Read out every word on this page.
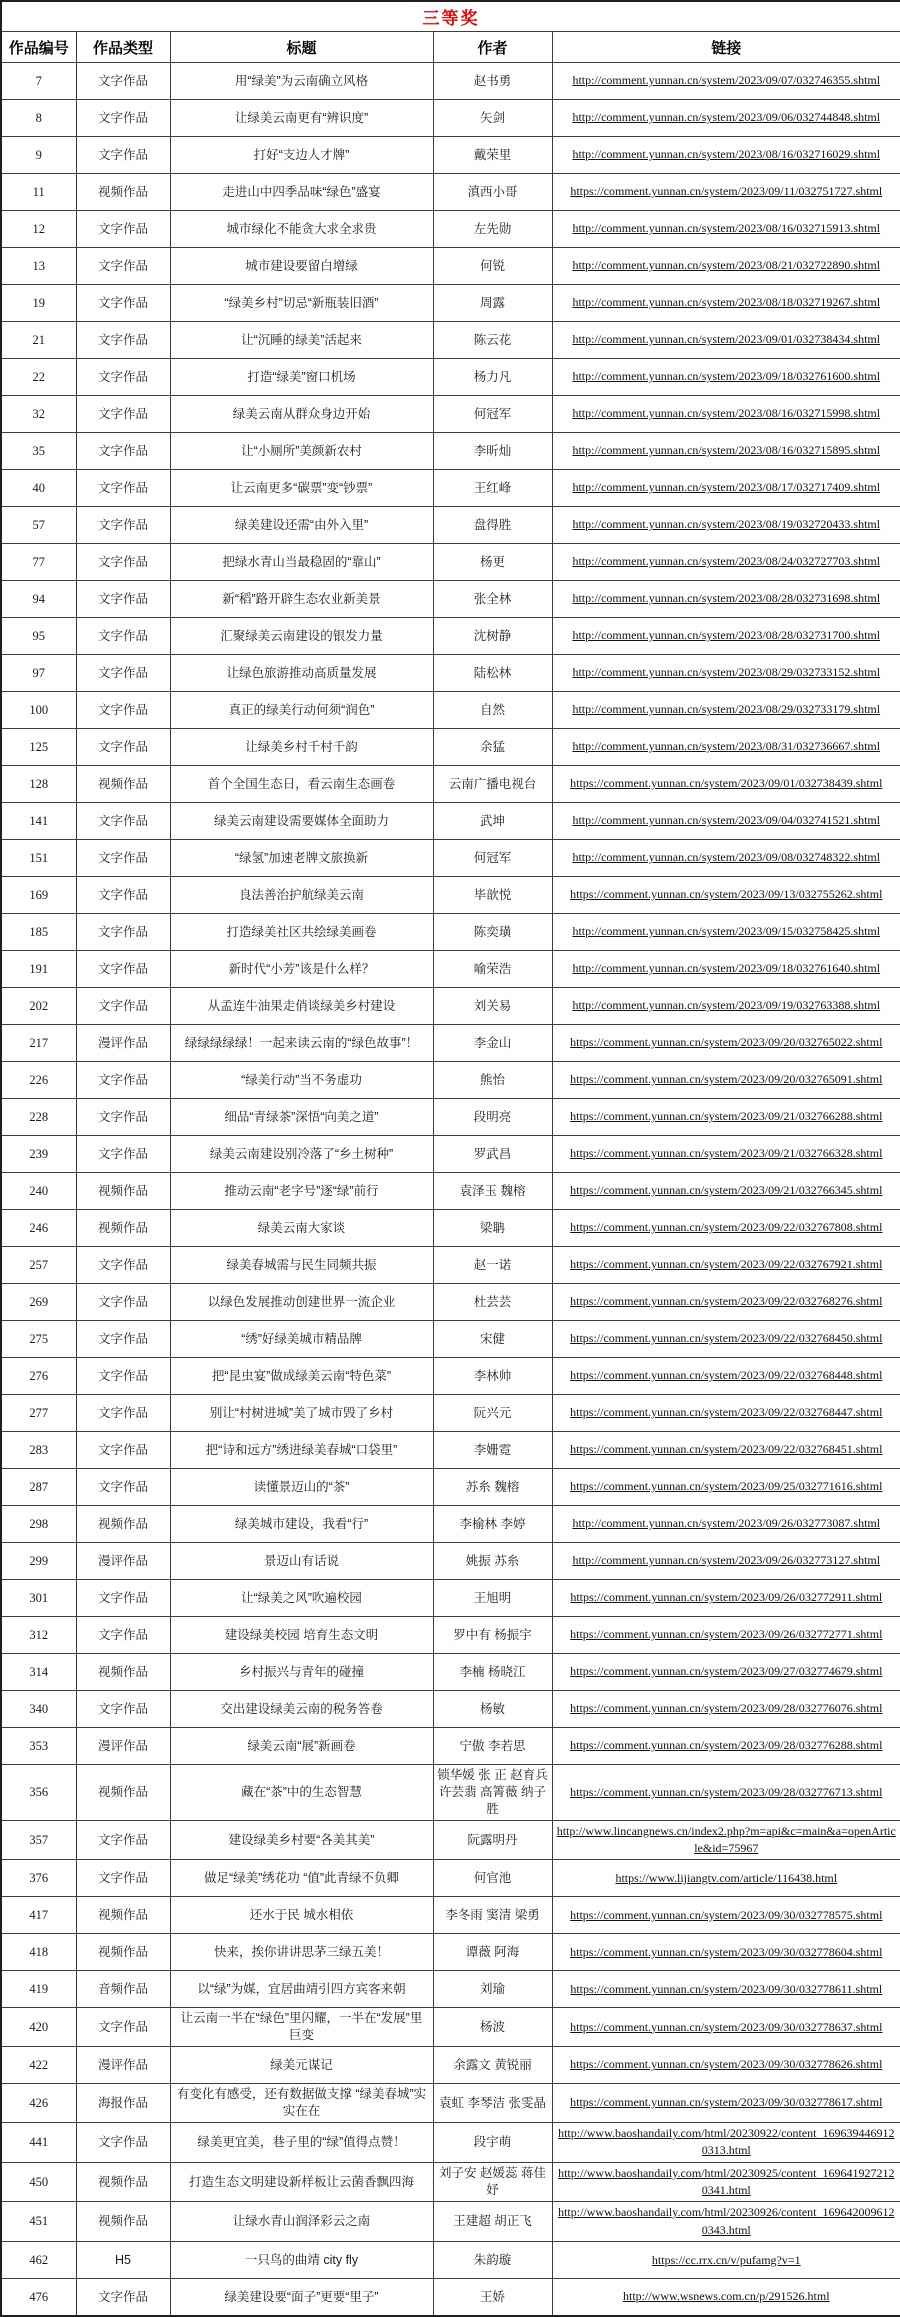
三等奖				
作品编号	作品类型	标题	作者	链接
7	文字作品	用“绿美”为云南确立风格	赵书勇	http://comment.yunnan.cn/system/2023/09/07/032746355.shtml
8	文字作品	让绿美云南更有“辨识度”	矢剑	http://comment.yunnan.cn/system/2023/09/06/032744848.shtml
9	文字作品	打好“支边人才牌”	戴荣里	http://comment.yunnan.cn/system/2023/08/16/032716029.shtml
11	视频作品	走进山中四季品味“绿色”盛宴	滇西小哥	https://comment.yunnan.cn/system/2023/09/11/032751727.shtml
12	文字作品	城市绿化不能贪大求全求贵	左先勋	http://comment.yunnan.cn/system/2023/08/16/032715913.shtml
13	文字作品	城市建设要留白增绿	何锐	http://comment.yunnan.cn/system/2023/08/21/032722890.shtml
19	文字作品	“绿美乡村”切忌“新瓶装旧酒”	周露	http://comment.yunnan.cn/system/2023/08/18/032719267.shtml
21	文字作品	让“沉睡的绿美”活起来	陈云花	http://comment.yunnan.cn/system/2023/09/01/032738434.shtml
22	文字作品	打造“绿美”窗口机场	杨力凡	http://comment.yunnan.cn/system/2023/09/18/032761600.shtml
32	文字作品	绿美云南从群众身边开始	何冠军	http://comment.yunnan.cn/system/2023/08/16/032715998.shtml
35	文字作品	让“小厕所”美颜新农村	李昕灿	http://comment.yunnan.cn/system/2023/08/16/032715895.shtml
40	文字作品	让云南更多“碳票”变“钞票”	王红峰	http://comment.yunnan.cn/system/2023/08/17/032717409.shtml
57	文字作品	绿美建设还需“由外入里”	盘得胜	http://comment.yunnan.cn/system/2023/08/19/032720433.shtml
77	文字作品	把绿水青山当最稳固的“靠山”	杨更	http://comment.yunnan.cn/system/2023/08/24/032727703.shtml
94	文字作品	新“稻”路开辟生态农业新美景	张全林	http://comment.yunnan.cn/system/2023/08/28/032731698.shtml
95	文字作品	汇聚绿美云南建设的银发力量	沈树静	http://comment.yunnan.cn/system/2023/08/28/032731700.shtml
97	文字作品	让绿色旅游推动高质量发展	陆松林	http://comment.yunnan.cn/system/2023/08/29/032733152.shtml
100	文字作品	真正的绿美行动何须“润色”	自然	http://comment.yunnan.cn/system/2023/08/29/032733179.shtml
125	文字作品	让绿美乡村千村千韵	余猛	http://comment.yunnan.cn/system/2023/08/31/032736667.shtml
128	视频作品	首个全国生态日，看云南生态画卷	云南广播电视台	https://comment.yunnan.cn/system/2023/09/01/032738439.shtml
141	文字作品	绿美云南建设需要媒体全面助力	武坤	http://comment.yunnan.cn/system/2023/09/04/032741521.shtml
151	文字作品	“绿氢”加速老牌文旅换新	何冠军	http://comment.yunnan.cn/system/2023/09/08/032748322.shtml
169	文字作品	良法善治护航绿美云南	毕歆悦	https://comment.yunnan.cn/system/2023/09/13/032755262.shtml
185	文字作品	打造绿美社区共绘绿美画卷	陈奕璜	http://comment.yunnan.cn/system/2023/09/15/032758425.shtml
191	文字作品	新时代“小芳”该是什么样？	喻荣浩	http://comment.yunnan.cn/system/2023/09/18/032761640.shtml
202	文字作品	从孟连牛油果走俏谈绿美乡村建设	刘关易	http://comment.yunnan.cn/system/2023/09/19/032763388.shtml
217	漫评作品	绿绿绿绿绿！一起来读云南的“绿色故事”！	李金山	https://comment.yunnan.cn/system/2023/09/20/032765022.shtml
226	文字作品	“绿美行动”当不务虚功	熊怡	https://comment.yunnan.cn/system/2023/09/20/032765091.shtml
228	文字作品	细品“青绿茶”深悟“向美之道”	段明亮	https://comment.yunnan.cn/system/2023/09/21/032766288.shtml
239	文字作品	绿美云南建设别冷落了“乡土树种”	罗武昌	https://comment.yunnan.cn/system/2023/09/21/032766328.shtml
240	视频作品	推动云南“老字号”逐“绿”前行	袁泽玉 魏榕	https://comment.yunnan.cn/system/2023/09/21/032766345.shtml
246	视频作品	绿美云南大家谈	梁聃	https://comment.yunnan.cn/system/2023/09/22/032767808.shtml
257	文字作品	绿美春城需与民生同频共振	赵一诺	https://comment.yunnan.cn/system/2023/09/22/032767921.shtml
269	文字作品	以绿色发展推动创建世界一流企业	杜芸芸	https://comment.yunnan.cn/system/2023/09/22/032768276.shtml
275	文字作品	“绣”好绿美城市精品牌	宋健	https://comment.yunnan.cn/system/2023/09/22/032768450.shtml
276	文字作品	把“昆虫宴”做成绿美云南“特色菜”	李林帅	https://comment.yunnan.cn/system/2023/09/22/032768448.shtml
277	文字作品	别让“村树进城”美了城市毁了乡村	阮兴元	https://comment.yunnan.cn/system/2023/09/22/032768447.shtml
283	文字作品	把“诗和远方”绣进绿美春城“口袋里”	李姗霓	https://comment.yunnan.cn/system/2023/09/22/032768451.shtml
287	文字作品	读懂景迈山的“茶”	苏糸 魏榕	https://comment.yunnan.cn/system/2023/09/25/032771616.shtml
298	视频作品	绿美城市建设，我看“行”	李榆林 李婷	http://comment.yunnan.cn/system/2023/09/26/032773087.shtml
299	漫评作品	景迈山有话说	姚振 苏糸	http://comment.yunnan.cn/system/2023/09/26/032773127.shtml
301	文字作品	让“绿美之风”吹遍校园	王旭明	https://comment.yunnan.cn/system/2023/09/26/032772911.shtml
312	文字作品	建设绿美校园 培育生态文明	罗中有 杨振宇	https://comment.yunnan.cn/system/2023/09/26/032772771.shtml
314	视频作品	乡村振兴与青年的碰撞	李楠 杨晓江	https://comment.yunnan.cn/system/2023/09/27/032774679.shtml
340	文字作品	交出建设绿美云南的税务答卷	杨敏	https://comment.yunnan.cn/system/2023/09/28/032776076.shtml
353	漫评作品	绿美云南“展”新画卷	宁傲 李若思	https://comment.yunnan.cn/system/2023/09/28/032776288.shtml
356	视频作品	藏在“茶”中的生态智慧	锁华媛 张 正 赵育兵 许芸翡 高箐薇 纳子胜	https://comment.yunnan.cn/system/2023/09/28/032776713.shtml
357	文字作品	建设绿美乡村要“各美其美”	阮露明丹	http://www.lincangnews.cn/index2.php?m=api&c=main&a=openArticle&id=75967
376	文字作品	做足“绿美”绣花功 “值”此青绿不负卿	何官池	https://www.lijiangtv.com/article/116438.html
417	视频作品	还水于民 城水相依	李冬雨 窦清 梁勇	https://comment.yunnan.cn/system/2023/09/30/032778575.shtml
418	视频作品	快来，挨你讲讲思茅三绿五美！	谭薇 阿海	https://comment.yunnan.cn/system/2023/09/30/032778604.shtml
419	音频作品	以“绿”为媒，宜居曲靖引四方宾客来朝	刘瑜	https://comment.yunnan.cn/system/2023/09/30/032778611.shtml
420	文字作品	让云南一半在“绿色”里闪耀，一半在“发展”里巨变	杨波	https://comment.yunnan.cn/system/2023/09/30/032778637.shtml
422	漫评作品	绿美元谋记	余露文 黄锐丽	https://comment.yunnan.cn/system/2023/09/30/032778626.shtml
426	海报作品	有变化有感受，还有数据做支撑 “绿美春城”实实在在	袁虹 李琴洁 张雯晶	https://comment.yunnan.cn/system/2023/09/30/032778617.shtml
441	文字作品	绿美更宜美，巷子里的“绿”值得点赞！	段宇萌	http://www.baoshandaily.com/html/20230922/content_1696394469120313.html
450	视频作品	打造生态文明建设新样板让云菌香飘四海	刘子安 赵媛蕊 蒋佳妤	http://www.baoshandaily.com/html/20230925/content_1696419272120341.html
451	视频作品	让绿水青山润泽彩云之南	王建超 胡正飞	http://www.baoshandaily.com/html/20230926/content_1696420096120343.html
462	H5	一只鸟的曲靖 city fly	朱韵璇	https://cc.rrx.cn/v/pufamg?v=1
476	文字作品	绿美建设要“面子”更要“里子”	王娇	http://www.wsnews.com.cn/p/291526.html
